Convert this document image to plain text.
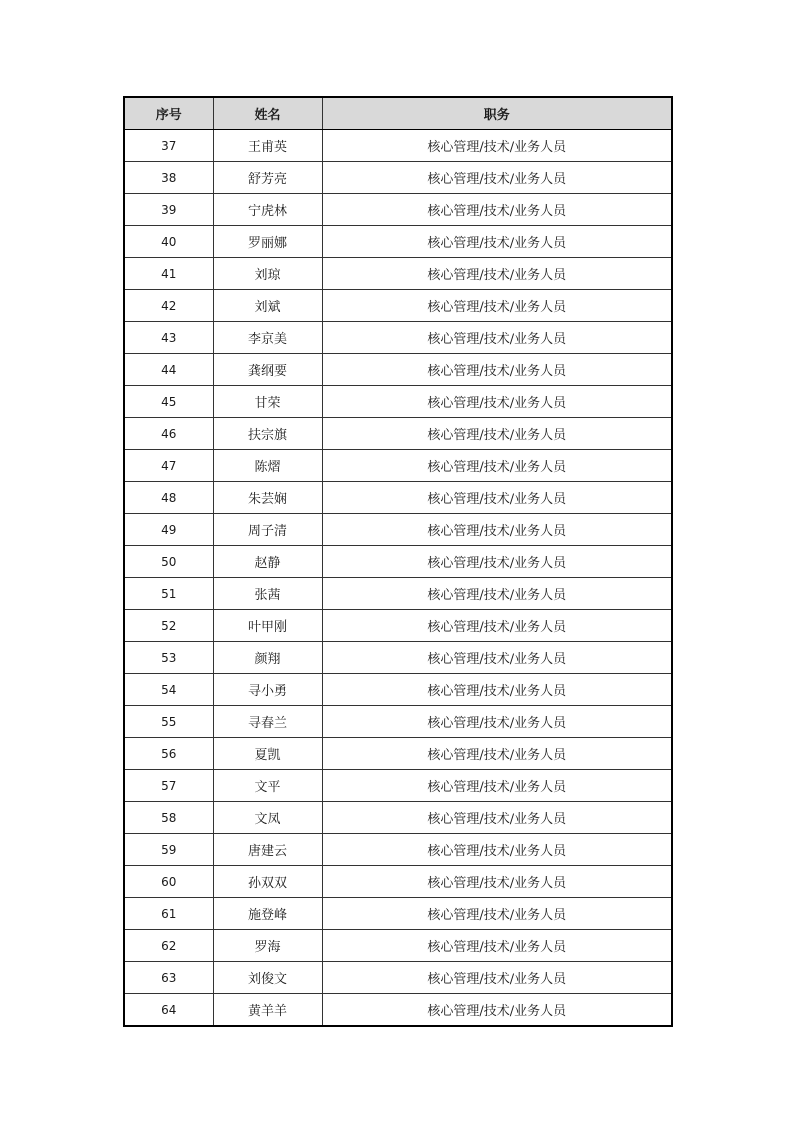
序号	姓名	职务
37	王甫英	核心管理/技术/业务人员
38	舒芳亮	核心管理/技术/业务人员
39	宁虎林	核心管理/技术/业务人员
40	罗丽娜	核心管理/技术/业务人员
41	刘琼	核心管理/技术/业务人员
42	刘斌	核心管理/技术/业务人员
43	李京美	核心管理/技术/业务人员
44	龚纲要	核心管理/技术/业务人员
45	甘荣	核心管理/技术/业务人员
46	扶宗旗	核心管理/技术/业务人员
47	陈熠	核心管理/技术/业务人员
48	朱芸娴	核心管理/技术/业务人员
49	周子清	核心管理/技术/业务人员
50	赵静	核心管理/技术/业务人员
51	张茜	核心管理/技术/业务人员
52	叶甲刚	核心管理/技术/业务人员
53	颜翔	核心管理/技术/业务人员
54	寻小勇	核心管理/技术/业务人员
55	寻春兰	核心管理/技术/业务人员
56	夏凯	核心管理/技术/业务人员
57	文平	核心管理/技术/业务人员
58	文凤	核心管理/技术/业务人员
59	唐建云	核心管理/技术/业务人员
60	孙双双	核心管理/技术/业务人员
61	施登峰	核心管理/技术/业务人员
62	罗海	核心管理/技术/业务人员
63	刘俊文	核心管理/技术/业务人员
64	黄羊羊	核心管理/技术/业务人员
